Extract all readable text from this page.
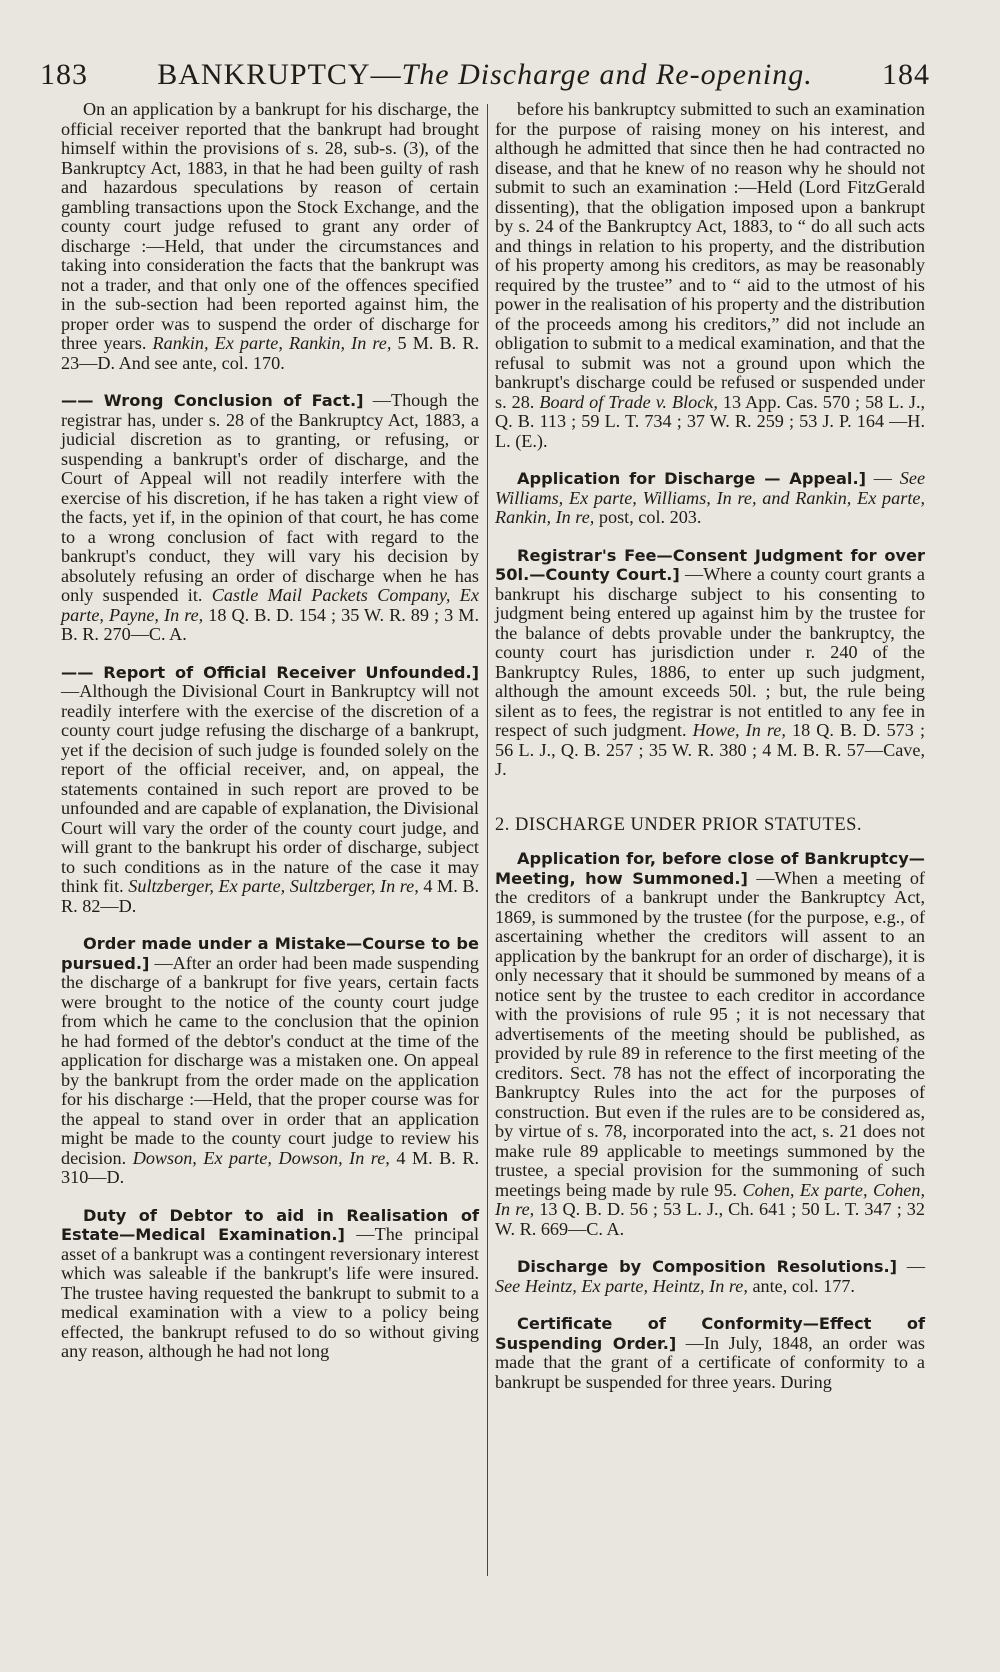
183	BANKRUPTCY—The Discharge and Re-opening.	184

On an application by a bankrupt for his discharge, the official receiver reported that the bankrupt had brought himself within the provisions of s. 28, sub-s. (3), of the Bankruptcy Act, 1883, in that he had been guilty of rash and hazardous speculations by reason of certain gambling transactions upon the Stock Exchange, and the county court judge refused to grant any order of discharge :—Held, that under the circumstances and taking into consideration the facts that the bankrupt was not a trader, and that only one of the offences specified in the sub-section had been reported against him, the proper order was to suspend the order of discharge for three years. Rankin, Ex parte, Rankin, In re, 5 M. B. R. 23—D. And see ante, col. 170.

—— Wrong Conclusion of Fact.] —Though the registrar has, under s. 28 of the Bankruptcy Act, 1883, a judicial discretion as to granting, or refusing, or suspending a bankrupt's order of discharge, and the Court of Appeal will not readily interfere with the exercise of his discretion, if he has taken a right view of the facts, yet if, in the opinion of that court, he has come to a wrong conclusion of fact with regard to the bankrupt's conduct, they will vary his decision by absolutely refusing an order of discharge when he has only suspended it. Castle Mail Packets Company, Ex parte, Payne, In re, 18 Q. B. D. 154 ; 35 W. R. 89 ; 3 M. B. R. 270—C. A.

—— Report of Official Receiver Unfounded.] —Although the Divisional Court in Bankruptcy will not readily interfere with the exercise of the discretion of a county court judge refusing the discharge of a bankrupt, yet if the decision of such judge is founded solely on the report of the official receiver, and, on appeal, the statements contained in such report are proved to be unfounded and are capable of explanation, the Divisional Court will vary the order of the county court judge, and will grant to the bankrupt his order of discharge, subject to such conditions as in the nature of the case it may think fit. Sultzberger, Ex parte, Sultzberger, In re, 4 M. B. R. 82—D.

Order made under a Mistake—Course to be pursued.] —After an order had been made suspending the discharge of a bankrupt for five years, certain facts were brought to the notice of the county court judge from which he came to the conclusion that the opinion he had formed of the debtor's conduct at the time of the application for discharge was a mistaken one. On appeal by the bankrupt from the order made on the application for his discharge :—Held, that the proper course was for the appeal to stand over in order that an application might be made to the county court judge to review his decision. Dowson, Ex parte, Dowson, In re, 4 M. B. R. 310—D.

Duty of Debtor to aid in Realisation of Estate—Medical Examination.] —The principal asset of a bankrupt was a contingent reversionary interest which was saleable if the bankrupt's life were insured. The trustee having requested the bankrupt to submit to a medical examination with a view to a policy being effected, the bankrupt refused to do so without giving any reason, although he had not long

before his bankruptcy submitted to such an examination for the purpose of raising money on his interest, and although he admitted that since then he had contracted no disease, and that he knew of no reason why he should not submit to such an examination :—Held (Lord FitzGerald dissenting), that the obligation imposed upon a bankrupt by s. 24 of the Bankruptcy Act, 1883, to “ do all such acts and things in relation to his property, and the distribution of his property among his creditors, as may be reasonably required by the trustee” and to “ aid to the utmost of his power in the realisation of his property and the distribution of the proceeds among his creditors,” did not include an obligation to submit to a medical examination, and that the refusal to submit was not a ground upon which the bankrupt's discharge could be refused or suspended under s. 28. Board of Trade v. Block, 13 App. Cas. 570 ; 58 L. J., Q. B. 113 ; 59 L. T. 734 ; 37 W. R. 259 ; 53 J. P. 164 —H. L. (E.).

Application for Discharge — Appeal.] — See Williams, Ex parte, Williams, In re, and Rankin, Ex parte, Rankin, In re, post, col. 203.

Registrar's Fee—Consent Judgment for over 50l.—County Court.] —Where a county court grants a bankrupt his discharge subject to his consenting to judgment being entered up against him by the trustee for the balance of debts provable under the bankruptcy, the county court has jurisdiction under r. 240 of the Bankruptcy Rules, 1886, to enter up such judgment, although the amount exceeds 50l. ; but, the rule being silent as to fees, the registrar is not entitled to any fee in respect of such judgment. Howe, In re, 18 Q. B. D. 573 ; 56 L. J., Q. B. 257 ; 35 W. R. 380 ; 4 M. B. R. 57—Cave, J.

2. DISCHARGE UNDER PRIOR STATUTES.

Application for, before close of Bankruptcy—Meeting, how Summoned.] —When a meeting of the creditors of a bankrupt under the Bankruptcy Act, 1869, is summoned by the trustee (for the purpose, e.g., of ascertaining whether the creditors will assent to an application by the bankrupt for an order of discharge), it is only necessary that it should be summoned by means of a notice sent by the trustee to each creditor in accordance with the provisions of rule 95 ; it is not necessary that advertisements of the meeting should be published, as provided by rule 89 in reference to the first meeting of the creditors. Sect. 78 has not the effect of incorporating the Bankruptcy Rules into the act for the purposes of construction. But even if the rules are to be considered as, by virtue of s. 78, incorporated into the act, s. 21 does not make rule 89 applicable to meetings summoned by the trustee, a special provision for the summoning of such meetings being made by rule 95. Cohen, Ex parte, Cohen, In re, 13 Q. B. D. 56 ; 53 L. J., Ch. 641 ; 50 L. T. 347 ; 32 W. R. 669—C. A.

Discharge by Composition Resolutions.] — See Heintz, Ex parte, Heintz, In re, ante, col. 177.

Certificate of Conformity—Effect of Suspending Order.] —In July, 1848, an order was made that the grant of a certificate of conformity to a bankrupt be suspended for three years. During
